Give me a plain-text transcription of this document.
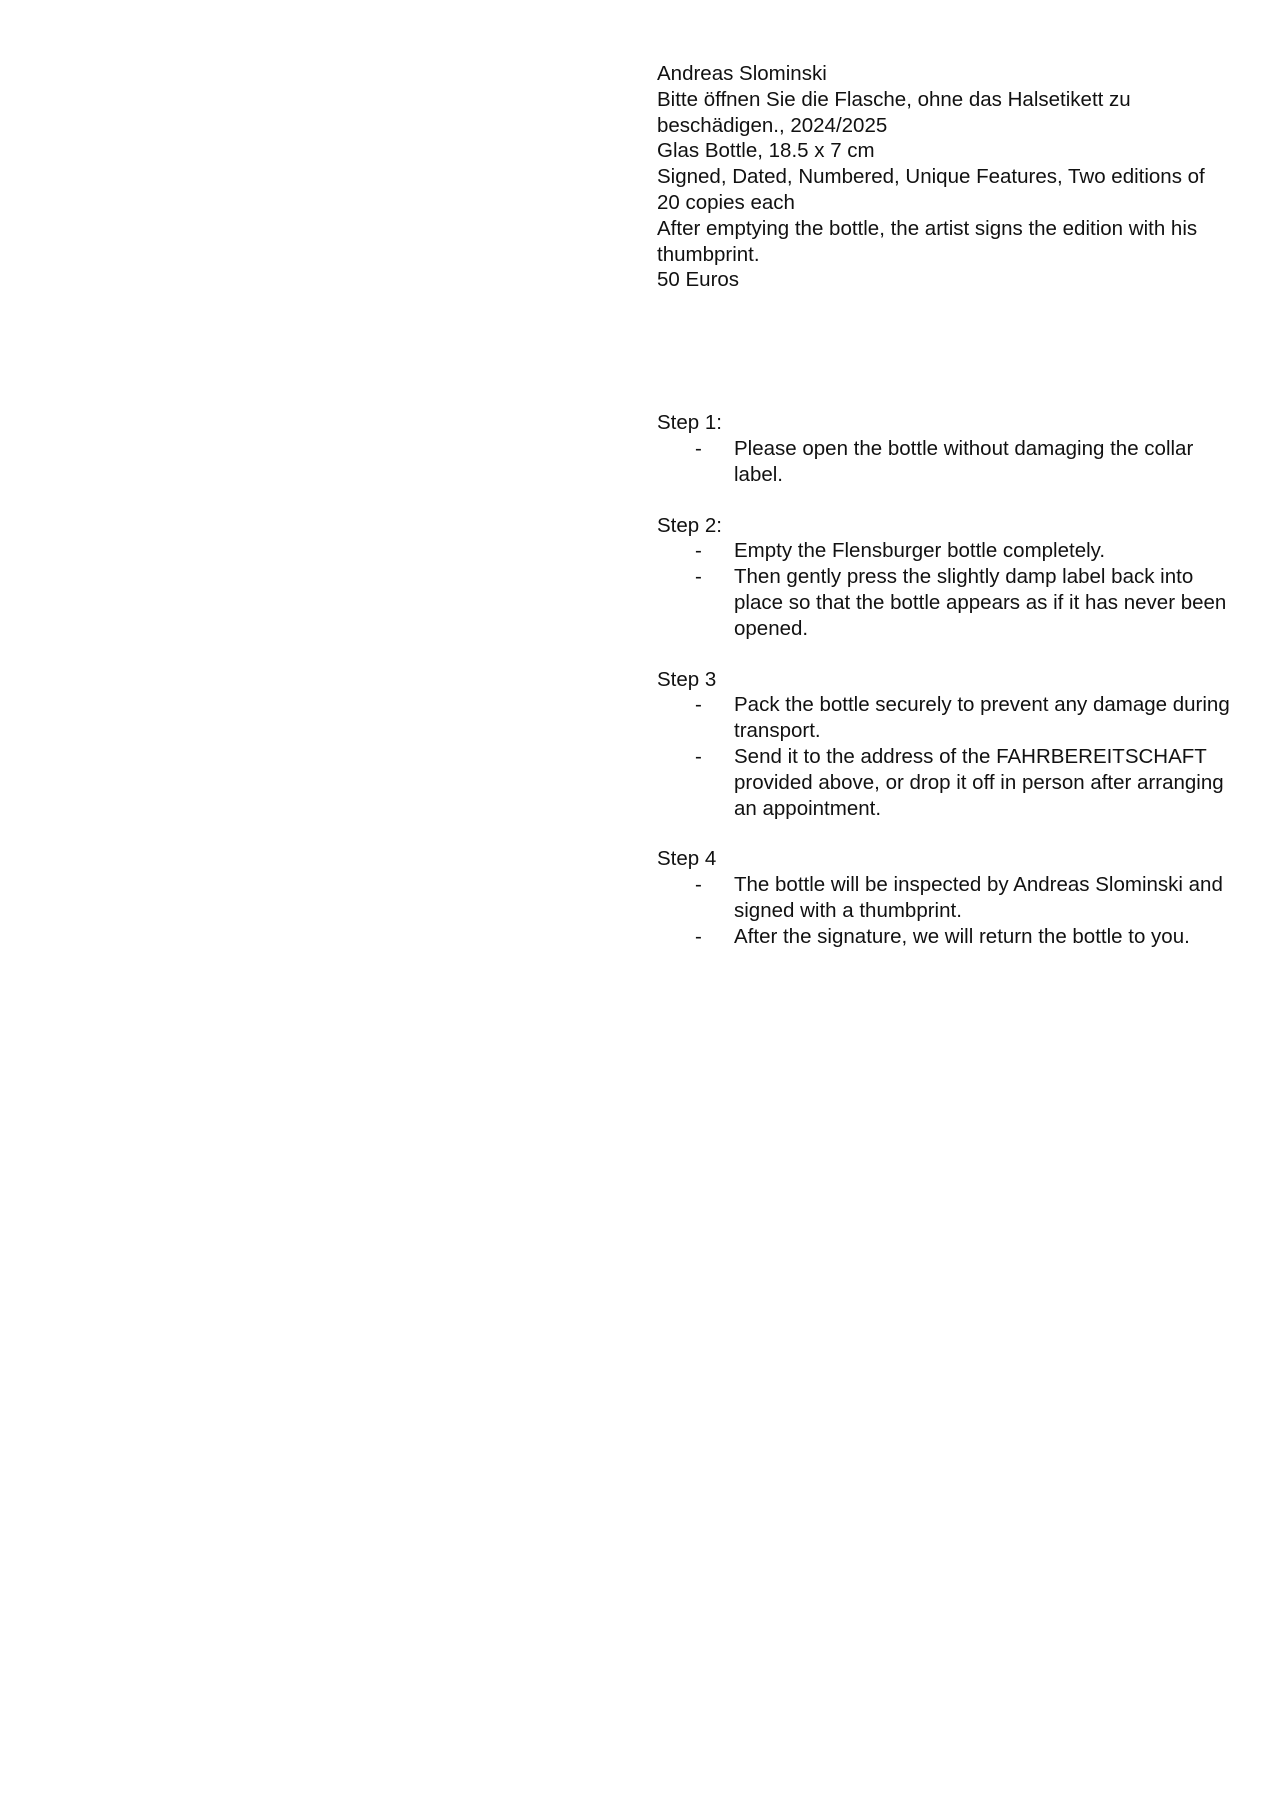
Andreas Slominski

Bitte öffnen Sie die Flasche, ohne das Halsetikett zu beschädigen., 2024/2025

Glas Bottle, 18.5 x 7 cm

Signed, Dated, Numbered, Unique Features, Two editions of 20 copies each

After emptying the bottle, the artist signs the edition with his thumbprint.

50 Euros

Step 1:

- Please open the bottle without damaging the collar label.

Step 2:

- Empty the Flensburger bottle completely.
- Then gently press the slightly damp label back into place so that the bottle appears as if it has never been opened.

Step 3

- Pack the bottle securely to prevent any damage during transport.
- Send it to the address of the FAHRBEREITSCHAFT provided above, or drop it off in person after arranging an appointment.

Step 4

- The bottle will be inspected by Andreas Slominski and signed with a thumbprint.
- After the signature, we will return the bottle to you.
